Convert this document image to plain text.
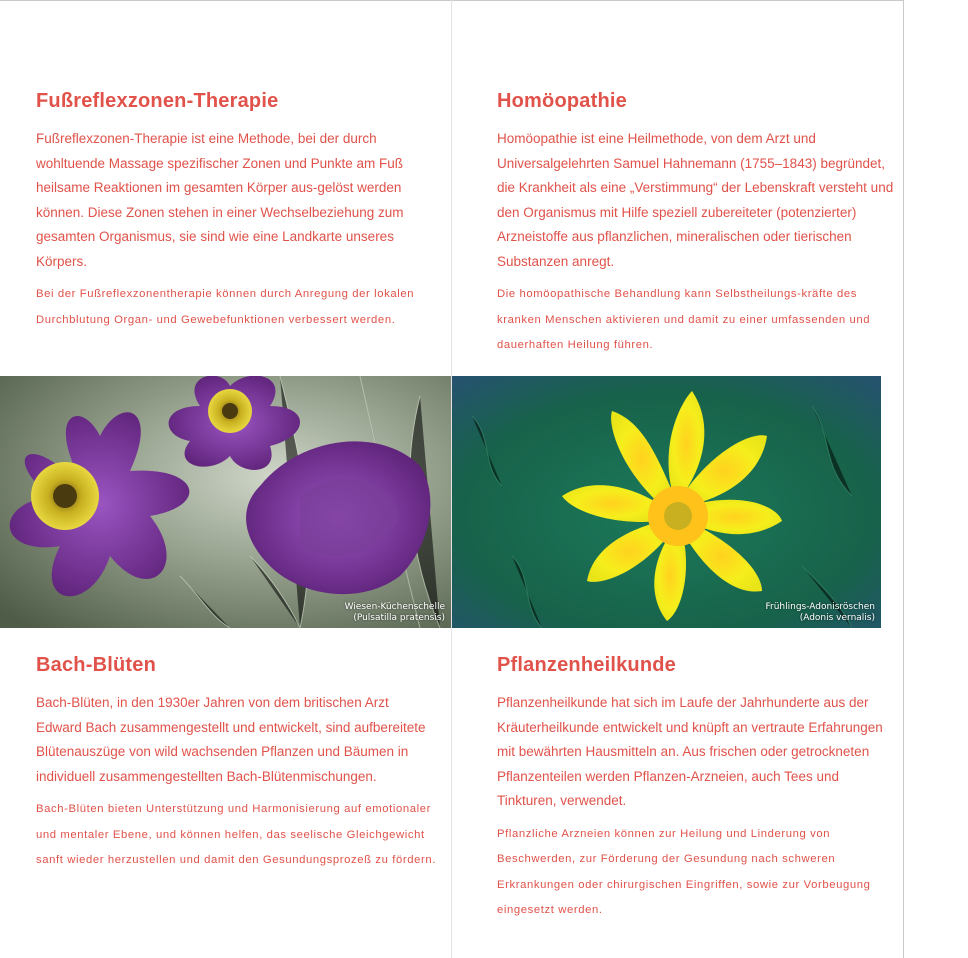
Fußreflexzonen-Therapie

Fußreflexzonen-Therapie ist eine Methode, bei der durch wohltuende Massage spezifischer Zonen und Punkte am Fuß heilsame Reaktionen im gesamten Körper aus-gelöst werden können. Diese Zonen stehen in einer Wechselbeziehung zum gesamten Organismus, sie sind wie eine Landkarte unseres Körpers.

Bei der Fußreflexzonentherapie können durch Anregung der lokalen Durchblutung Organ- und Gewebefunktionen verbessert werden.

Homöopathie

Homöopathie ist eine Heilmethode, von dem Arzt und Universalgelehrten Samuel Hahnemann (1755–1843) begründet, die Krankheit als eine „Verstimmung“ der Lebenskraft versteht und den Organismus mit Hilfe speziell zubereiteter (potenzierter) Arzneistoffe aus pflanzlichen, mineralischen oder tierischen Substanzen anregt.

Die homöopathische Behandlung kann Selbstheilungs-kräfte des kranken Menschen aktivieren und damit zu einer umfassenden und dauerhaften Heilung führen.

Wiesen-Küchenschelle
(Pulsatilla pratensis)
Frühlings-Adonisröschen
(Adonis vernalis)
Bach-Blüten

Bach-Blüten, in den 1930er Jahren von dem britischen Arzt Edward Bach zusammengestellt und entwickelt, sind aufbereitete Blütenauszüge von wild wachsenden Pflanzen und Bäumen in individuell zusammengestellten Bach-Blütenmischungen.

Bach-Blüten bieten Unterstützung und Harmonisierung auf emotionaler und mentaler Ebene, und können helfen, das seelische Gleichgewicht sanft wieder herzustellen und damit den Gesundungsprozeß zu fördern.

Pflanzenheilkunde

Pflanzenheilkunde hat sich im Laufe der Jahrhunderte aus der Kräuterheilkunde entwickelt und knüpft an vertraute Erfahrungen mit bewährten Hausmitteln an. Aus frischen oder getrockneten Pflanzenteilen werden Pflanzen-Arzneien, auch Tees und Tinkturen, verwendet.

Pflanzliche Arzneien können zur Heilung und Linderung von Beschwerden, zur Förderung der Gesundung nach schweren Erkrankungen oder chirurgischen Eingriffen, sowie zur Vorbeugung eingesetzt werden.
